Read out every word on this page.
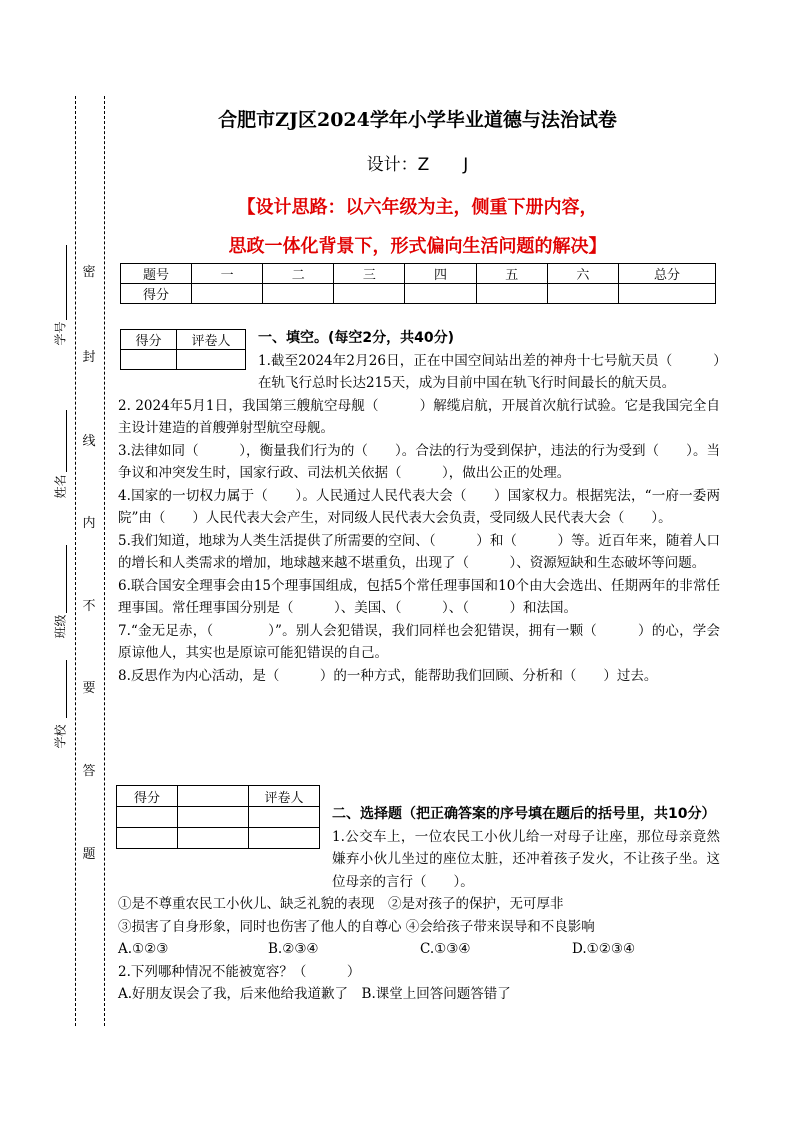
密
封
线
内
不
要
答
题
学号
姓名
班级
学校
合肥市ZJ区2024学年小学毕业道德与法治试卷
设计：Z　　J
【设计思路：以六年级为主，侧重下册内容，
思政一体化背景下，形式偏向生活问题的解决】
题号	一	二	三	四	五	六	总分
得分							
得分	评卷人
		一、填空。(每空2分，共40分)

1.截至2024年2月26日，正在中国空间站出差的神舟十七号航天员（　　　）在轨飞行总时长达215天，成为目前中国在轨飞行时间最长的航天员。

2. 2024年5月1日，我国第三艘航空母舰（　　　）解缆启航，开展首次航行试验。它是我国完全自主设计建造的首艘弹射型航空母舰。

3.法律如同（　　　），衡量我们行为的（　　）。合法的行为受到保护，违法的行为受到（　　）。当争议和冲突发生时，国家行政、司法机关依据（　　　），做出公正的处理。

4.国家的一切权力属于（　　）。人民通过人民代表大会（　　）国家权力。根据宪法，“一府一委两院”由（　　）人民代表大会产生，对同级人民代表大会负责，受同级人民代表大会（　　）。

5.我们知道，地球为人类生活提供了所需要的空间、（　　　）和（　　　）等。近百年来，随着人口的增长和人类需求的增加，地球越来越不堪重负，出现了（　　　）、资源短缺和生态破坏等问题。

6.联合国安全理事会由15个理事国组成，包括5个常任理事国和10个由大会选出、任期两年的非常任理事国。常任理事国分别是（　　　）、美国、（　　　）、（　　　）和法国。

7.“金无足赤，（　　　　）”。别人会犯错误，我们同样也会犯错误，拥有一颗（　　　）的心，学会原谅他人，其实也是原谅可能犯错误的自己。

8.反思作为内心活动，是（　　　）的一种方式，能帮助我们回顾、分析和（　　）过去。

得分		评卷人

二、选择题（把正确答案的序号填在题后的括号里，共10分）

1.公交车上，一位农民工小伙儿给一对母子让座，那位母亲竟然嫌弃小伙儿坐过的座位太脏，还冲着孩子发火，不让孩子坐。这位母亲的言行（　　）。

①是不尊重农民工小伙儿、缺乏礼貌的表现　②是对孩子的保护，无可厚非

③损害了自身形象，同时也伤害了他人的自尊心 ④会给孩子带来误导和不良影响

A.①②③	B.②③④	C.①③④	D.①②③④

2.下列哪种情况不能被宽容？（　　　）

A.好朋友误会了我，后来他给我道歉了　B.课堂上回答问题答错了
